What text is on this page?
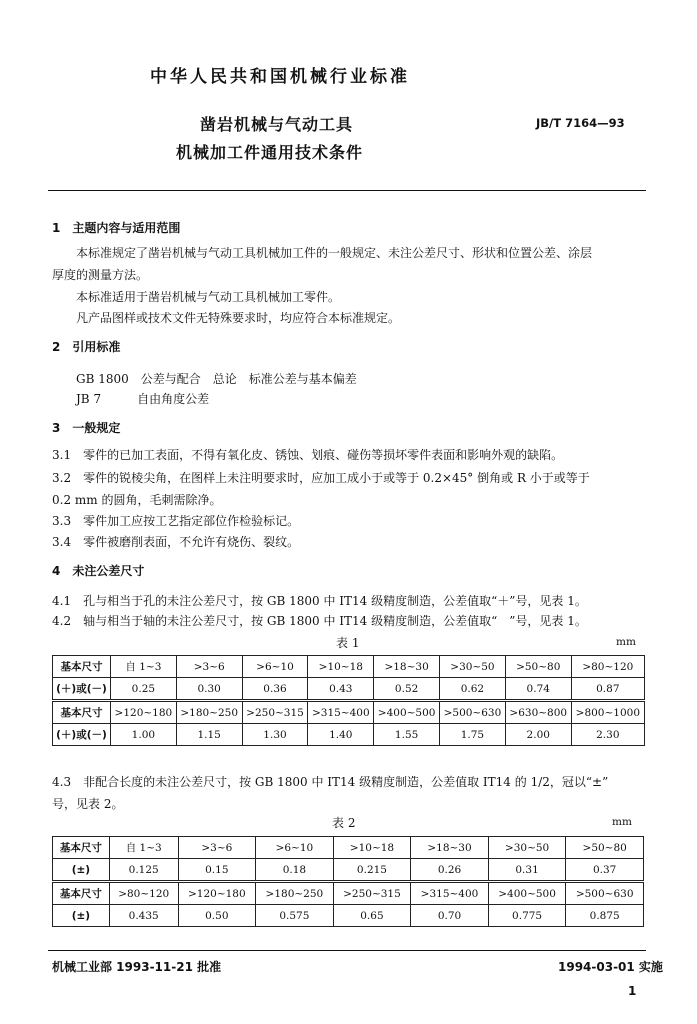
中华人民共和国机械行业标准
凿岩机械与气动工具
机械加工件通用技术条件
JB/T 7164—93
1　主题内容与适用范围
本标准规定了凿岩机械与气动工具机械加工件的一般规定、未注公差尺寸、形状和位置公差、涂层
厚度的测量方法。
本标准适用于凿岩机械与气动工具机械加工零件。
凡产品图样或技术文件无特殊要求时，均应符合本标准规定。
2　引用标准
GB 1800　公差与配合　总论　标准公差与基本偏差
JB 7　　　自由角度公差
3　一般规定
3.1　零件的已加工表面，不得有氧化皮、锈蚀、划痕、碰伤等损坏零件表面和影响外观的缺陷。
3.2　零件的锐棱尖角，在图样上未注明要求时，应加工成小于或等于 0.2×45° 倒角或 R 小于或等于
0.2 mm 的圆角，毛刺需除净。
3.3　零件加工应按工艺指定部位作检验标记。
3.4　零件被磨削表面，不允许有烧伤、裂纹。
4　未注公差尺寸
4.1　孔与相当于孔的未注公差尺寸，按 GB 1800 中 IT14 级精度制造，公差值取“＋”号，见表 1。
4.2　轴与相当于轴的未注公差尺寸，按 GB 1800 中 IT14 级精度制造，公差值取“　”号，见表 1。
表 1	mm
基本尺寸	自 1~3	>3~6	>6~10	>10~18	>18~30	>30~50	>50~80	>80~120
(＋)或(－)	0.25	0.30	0.36	0.43	0.52	0.62	0.74	0.87
基本尺寸	>120~180	>180~250	>250~315	>315~400	>400~500	>500~630	>630~800	>800~1000
(＋)或(－)	1.00	1.15	1.30	1.40	1.55	1.75	2.00	2.30
4.3　非配合长度的未注公差尺寸，按 GB 1800 中 IT14 级精度制造，公差值取 IT14 的 1/2，冠以“±”
号，见表 2。
表 2	mm
基本尺寸	自 1~3	>3~6	>6~10	>10~18	>18~30	>30~50	>50~80
(±)	0.125	0.15	0.18	0.215	0.26	0.31	0.37
基本尺寸	>80~120	>120~180	>180~250	>250~315	>315~400	>400~500	>500~630
(±)	0.435	0.50	0.575	0.65	0.70	0.775	0.875
机械工业部 1993-11-21 批准	1994-03-01 实施
1
